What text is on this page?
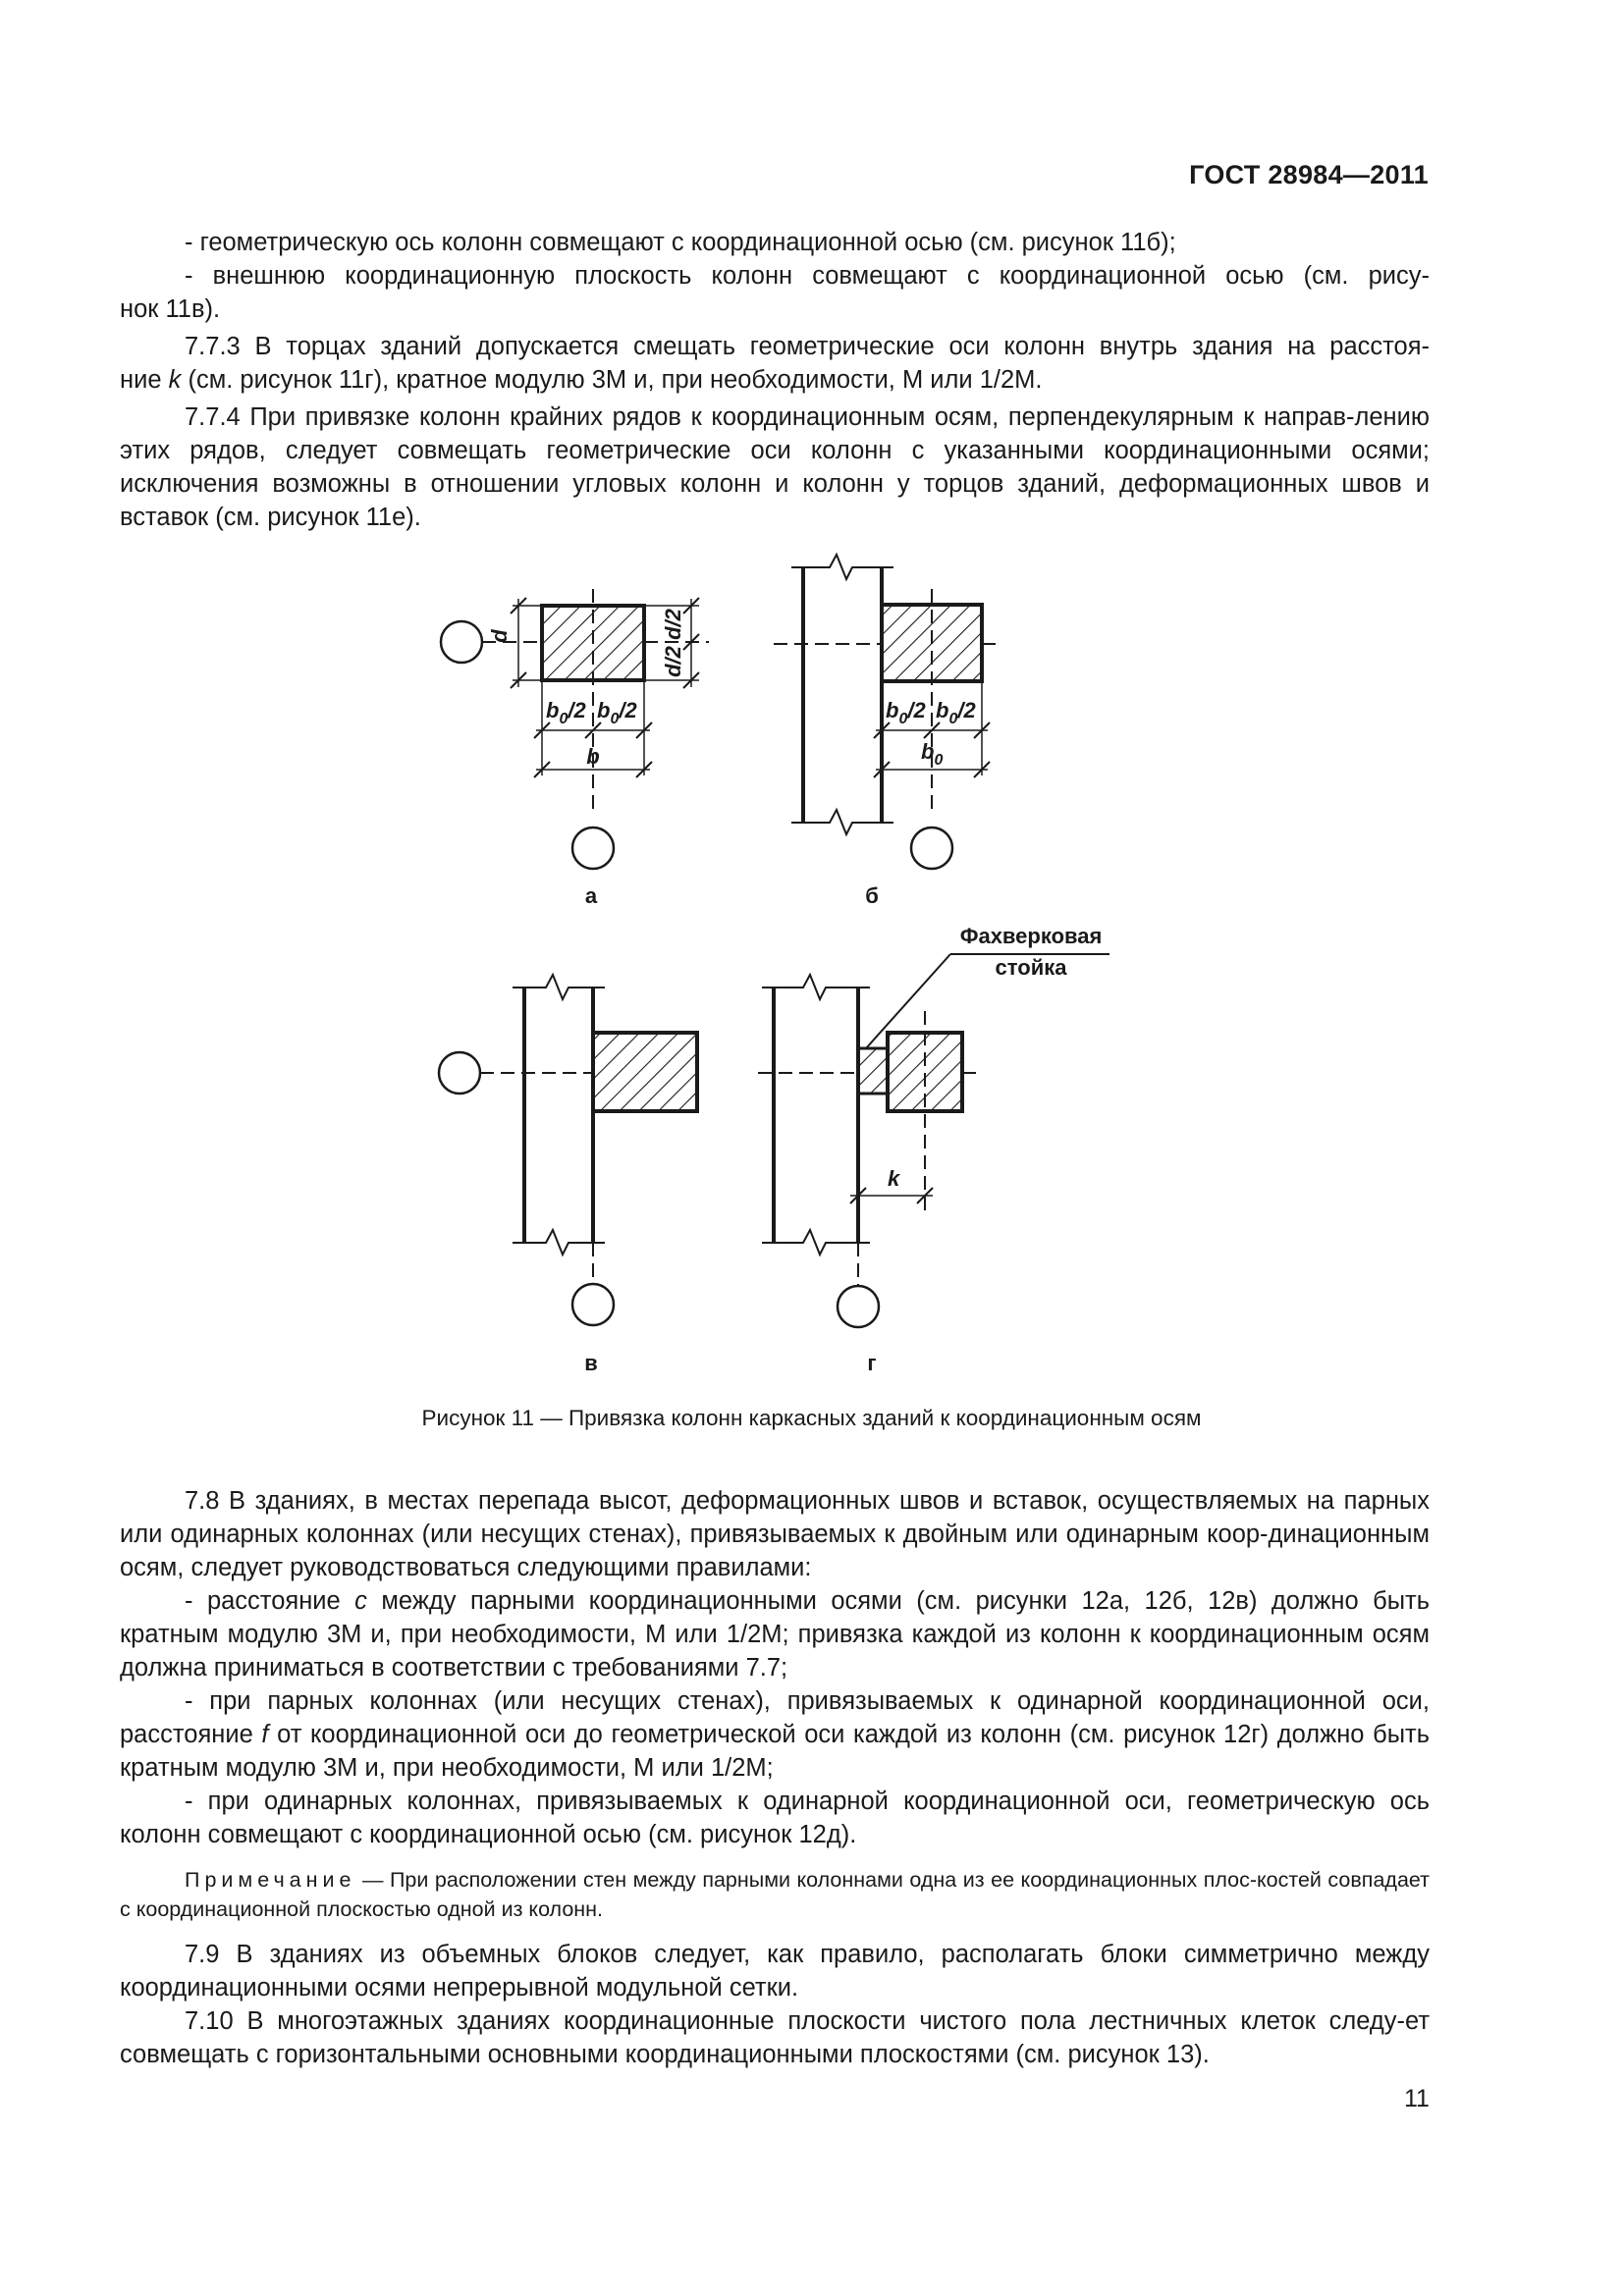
ГОСТ 28984—2011

- геометрическую ось колонн совмещают с координационной осью (см. рисунок 11б);

- внешнюю координационную плоскость колонн совмещают с координационной осью (см. рису-

нок 11в).

7.7.3 В торцах зданий допускается смещать геометрические оси колонн внутрь здания на расстоя-

ние k (см. рисунок 11г), кратное модулю 3М и, при необходимости, М или 1/2М.

7.7.4 При привязке колонн крайних рядов к координационным осям, перпендекулярным к направ-лению этих рядов, следует совмещать геометрические оси колонн с указанными координационными осями; исключения возможны в отношении угловых колонн и колонн у торцов зданий, деформационных швов и вставок (см. рисунок 11е).

d	d/2
d/2
$b_0/2$ $b_0/2$
b
$b_0/2$ $b_0/2$
$b_0$
k
Фахверковая
стойка
а	б
в	г
Рисунок 11 — Привязка колонн каркасных зданий к координационным осям

7.8 В зданиях, в местах перепада высот, деформационных швов и вставок, осуществляемых на парных или одинарных колоннах (или несущих стенах), привязываемых к двойным или одинарным коор-динационным осям, следует руководствоваться следующими правилами:

- расстояние c между парными координационными осями (см. рисунки 12а, 12б, 12в) должно быть кратным модулю 3М и, при необходимости, М или 1/2М; привязка каждой из колонн к координационным осям должна приниматься в соответствии с требованиями 7.7;

- при парных колоннах (или несущих стенах), привязываемых к одинарной координационной оси, расстояние f от координационной оси до геометрической оси каждой из колонн (см. рисунок 12г) должно быть кратным модулю 3М и, при необходимости, М или 1/2М;

- при одинарных колоннах, привязываемых к одинарной координационной оси, геометрическую ось колонн совмещают с координационной осью (см. рисунок 12д).

Примечание — При расположении стен между парными колоннами одна из ее координационных плос-костей совпадает с координационной плоскостью одной из колонн.

7.9 В зданиях из объемных блоков следует, как правило, располагать блоки симметрично между координационными осями непрерывной модульной сетки.

7.10 В многоэтажных зданиях координационные плоскости чистого пола лестничных клеток следу-ет совмещать с горизонтальными основными координационными плоскостями (см. рисунок 13).

11
